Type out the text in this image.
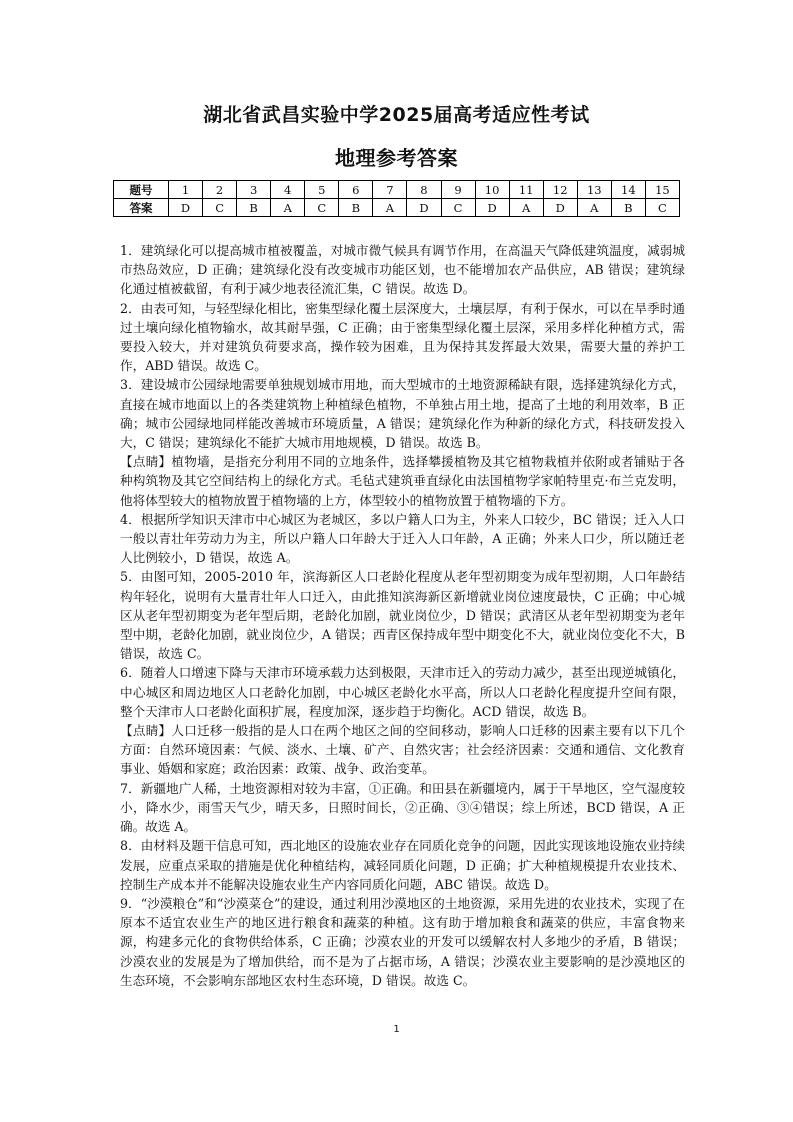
湖北省武昌实验中学2025届高考适应性考试
地理参考答案
题号	1	2	3	4	5	6	7	8	9	10	11	12	13	14	15
答案	D	C	B	A	C	B	A	D	C	D	A	D	A	B	C

1．建筑绿化可以提高城市植被覆盖，对城市微气候具有调节作用，在高温天气降低建筑温度，减弱城市热岛效应，D 正确；建筑绿化没有改变城市功能区划，也不能增加农产品供应，AB 错误；建筑绿化通过植被截留，有利于减少地表径流汇集，C 错误。故选 D。

2．由表可知，与轻型绿化相比，密集型绿化覆土层深度大，土壤层厚，有利于保水，可以在旱季时通过土壤向绿化植物输水，故其耐旱强，C 正确；由于密集型绿化覆土层深，采用多样化种植方式，需要投入较大，并对建筑负荷要求高，操作较为困难，且为保持其发挥最大效果，需要大量的养护工作，ABD 错误。故选 C。

3．建设城市公园绿地需要单独规划城市用地，而大型城市的土地资源稀缺有限，选择建筑绿化方式，直接在城市地面以上的各类建筑物上种植绿色植物，不单独占用土地，提高了土地的利用效率，B 正确；城市公园绿地同样能改善城市环境质量，A 错误；建筑绿化作为种新的绿化方式，科技研发投入大，C 错误；建筑绿化不能扩大城市用地规模，D 错误。故选 B。

【点睛】植物墙，是指充分利用不同的立地条件，选择攀援植物及其它植物栽植并依附或者铺贴于各种构筑物及其它空间结构上的绿化方式。毛毡式建筑垂直绿化由法国植物学家帕特里克·布兰克发明，他将体型较大的植物放置于植物墙的上方，体型较小的植物放置于植物墙的下方。

4．根据所学知识天津市中心城区为老城区，多以户籍人口为主，外来人口较少，BC 错误；迁入人口一般以青壮年劳动力为主，所以户籍人口年龄大于迁入人口年龄，A 正确；外来人口少，所以随迁老人比例较小，D 错误，故选 A。

5．由图可知，2005-2010 年，滨海新区人口老龄化程度从老年型初期变为成年型初期，人口年龄结构年轻化，说明有大量青壮年人口迁入，由此推知滨海新区新增就业岗位速度最快，C 正确；中心城区从老年型初期变为老年型后期，老龄化加剧，就业岗位少，D 错误；武清区从老年型初期变为老年型中期，老龄化加剧，就业岗位少，A 错误；西青区保持成年型中期变化不大，就业岗位变化不大，B 错误，故选 C。

6．随着人口增速下降与天津市环境承载力达到极限，天津市迁入的劳动力减少，甚至出现逆城镇化，中心城区和周边地区人口老龄化加剧，中心城区老龄化水平高，所以人口老龄化程度提升空间有限，整个天津市人口老龄化面积扩展，程度加深，逐步趋于均衡化。ACD 错误，故选 B。

【点睛】人口迁移一般指的是人口在两个地区之间的空间移动，影响人口迁移的因素主要有以下几个方面：自然环境因素：气候、淡水、土壤、矿产、自然灾害；社会经济因素：交通和通信、文化教育事业、婚姻和家庭；政治因素：政策、战争、政治变革。

7．新疆地广人稀，土地资源相对较为丰富，①正确。和田县在新疆境内，属于干旱地区，空气湿度较小，降水少，雨雪天气少，晴天多，日照时间长，②正确、③④错误；综上所述，BCD 错误，A 正确。故选 A。

8．由材料及题干信息可知，西北地区的设施农业存在同质化竞争的问题，因此实现该地设施农业持续发展，应重点采取的措施是优化种植结构，减轻同质化问题，D 正确；扩大种植规模提升农业技术、控制生产成本并不能解决设施农业生产内容同质化问题，ABC 错误。故选 D。

9．“沙漠粮仓”和“沙漠菜仓”的建设，通过利用沙漠地区的土地资源，采用先进的农业技术，实现了在原本不适宜农业生产的地区进行粮食和蔬菜的种植。这有助于增加粮食和蔬菜的供应，丰富食物来源，构建多元化的食物供给体系，C 正确；沙漠农业的开发可以缓解农村人多地少的矛盾，B 错误；沙漠农业的发展是为了增加供给，而不是为了占据市场，A 错误；沙漠农业主要影响的是沙漠地区的生态环境，不会影响东部地区农村生态环境，D 错误。故选 C。

1
